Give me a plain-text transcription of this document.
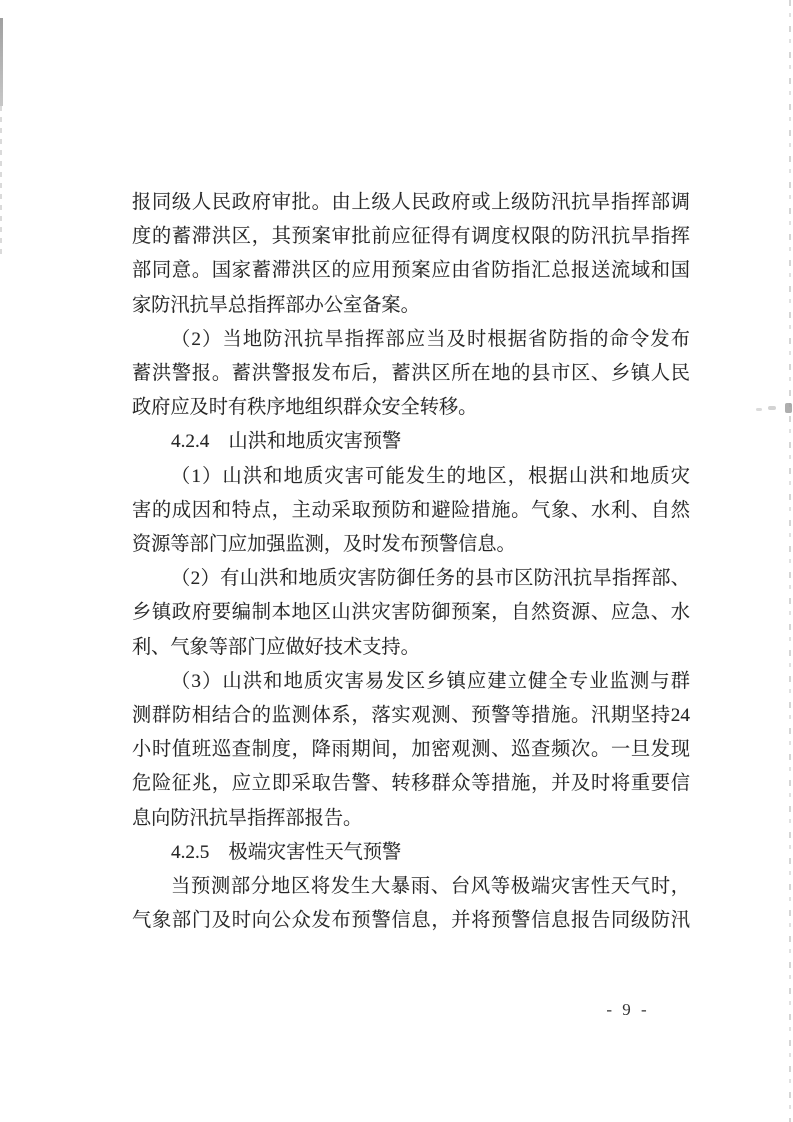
报同级人民政府审批。由上级人民政府或上级防汛抗旱指挥部调
度的蓄滞洪区，其预案审批前应征得有调度权限的防汛抗旱指挥
部同意。国家蓄滞洪区的应用预案应由省防指汇总报送流域和国
家防汛抗旱总指挥部办公室备案。
（2）当地防汛抗旱指挥部应当及时根据省防指的命令发布
蓄洪警报。蓄洪警报发布后，蓄洪区所在地的县市区、乡镇人民
政府应及时有秩序地组织群众安全转移。
4.2.4　山洪和地质灾害预警
（1）山洪和地质灾害可能发生的地区，根据山洪和地质灾
害的成因和特点，主动采取预防和避险措施。气象、水利、自然
资源等部门应加强监测，及时发布预警信息。
（2）有山洪和地质灾害防御任务的县市区防汛抗旱指挥部、
乡镇政府要编制本地区山洪灾害防御预案，自然资源、应急、水
利、气象等部门应做好技术支持。
（3）山洪和地质灾害易发区乡镇应建立健全专业监测与群
测群防相结合的监测体系，落实观测、预警等措施。汛期坚持24
小时值班巡查制度，降雨期间，加密观测、巡查频次。一旦发现
危险征兆，应立即采取告警、转移群众等措施，并及时将重要信
息向防汛抗旱指挥部报告。
4.2.5　极端灾害性天气预警
当预测部分地区将发生大暴雨、台风等极端灾害性天气时，
气象部门及时向公众发布预警信息，并将预警信息报告同级防汛
- 9 -
